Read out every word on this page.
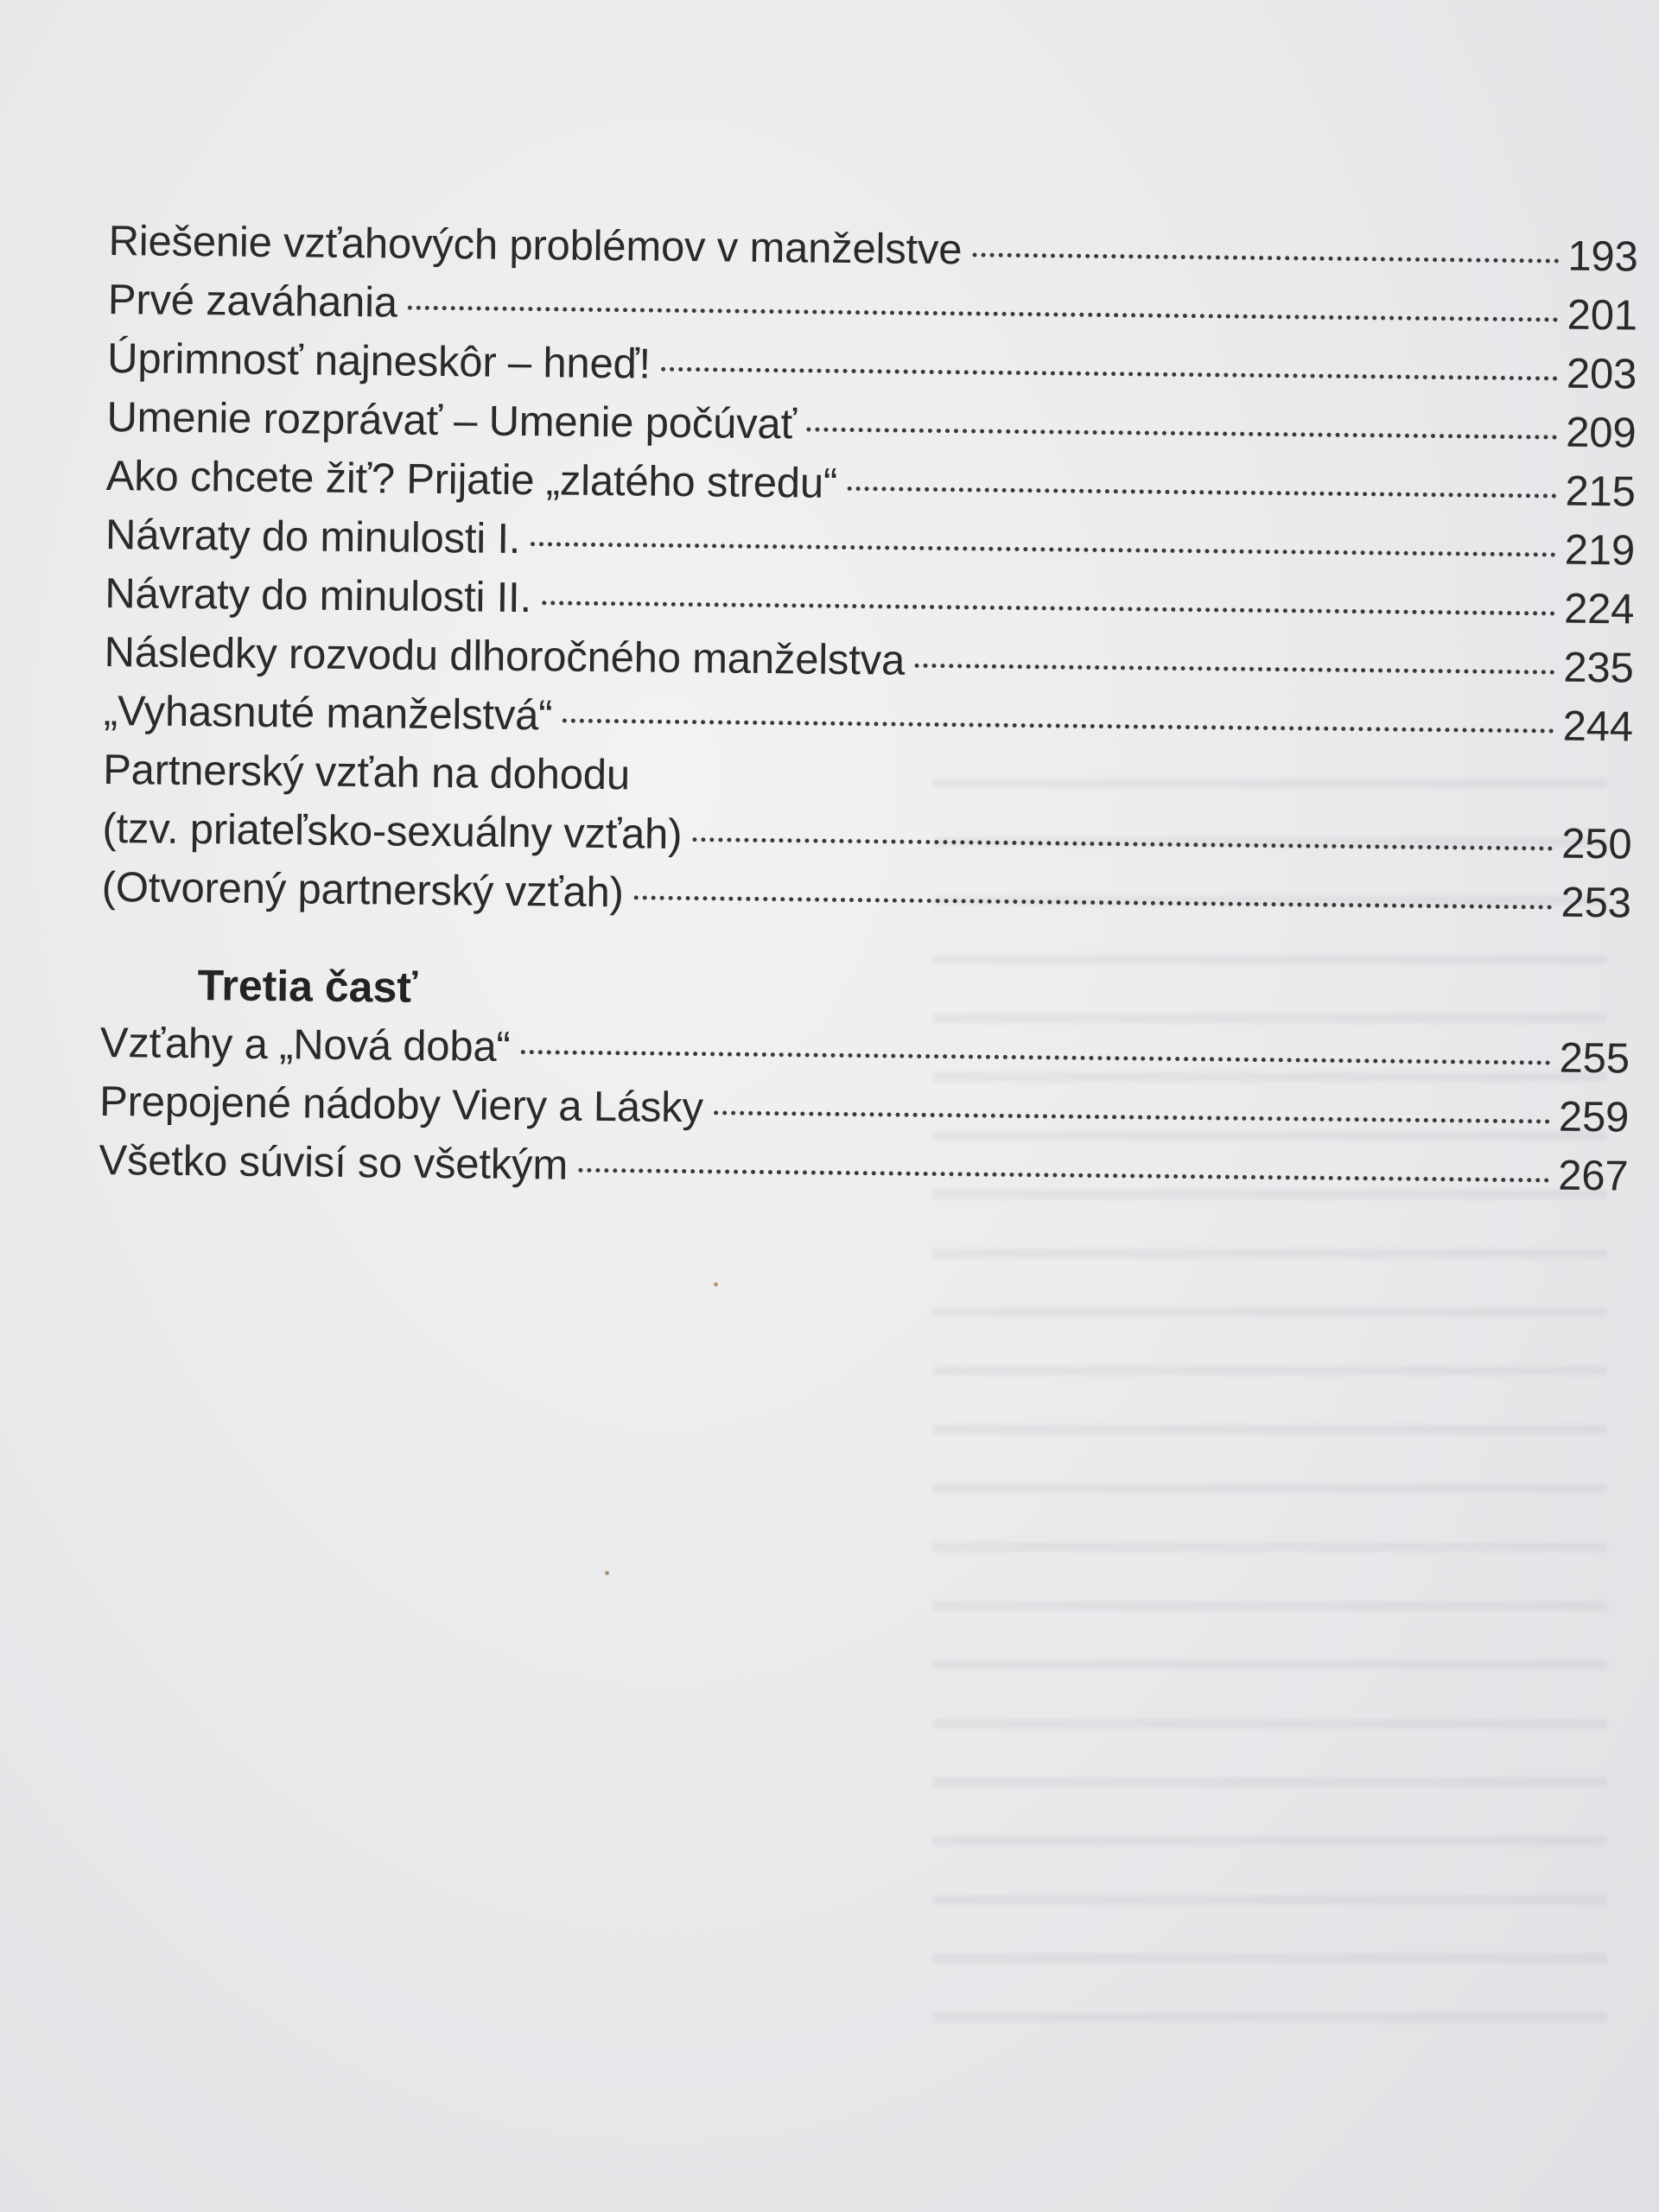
Riešenie vzťahových problémov v manželstve	193
Prvé zaváhania	201
Úprimnosť najneskôr – hneď!	203
Umenie rozprávať – Umenie počúvať	209
Ako chcete žiť? Prijatie „zlatého stredu“	215
Návraty do minulosti I.	219
Návraty do minulosti II.	224
Následky rozvodu dlhoročného manželstva	235
„Vyhasnuté manželstvá“	244
Partnerský vzťah na dohodu
(tzv. priateľsko-sexuálny vzťah)	250
(Otvorený partnerský vzťah)	253
Tretia časť
Vzťahy a „Nová doba“	255
Prepojené nádoby Viery a Lásky	259
Všetko súvisí so všetkým	267
